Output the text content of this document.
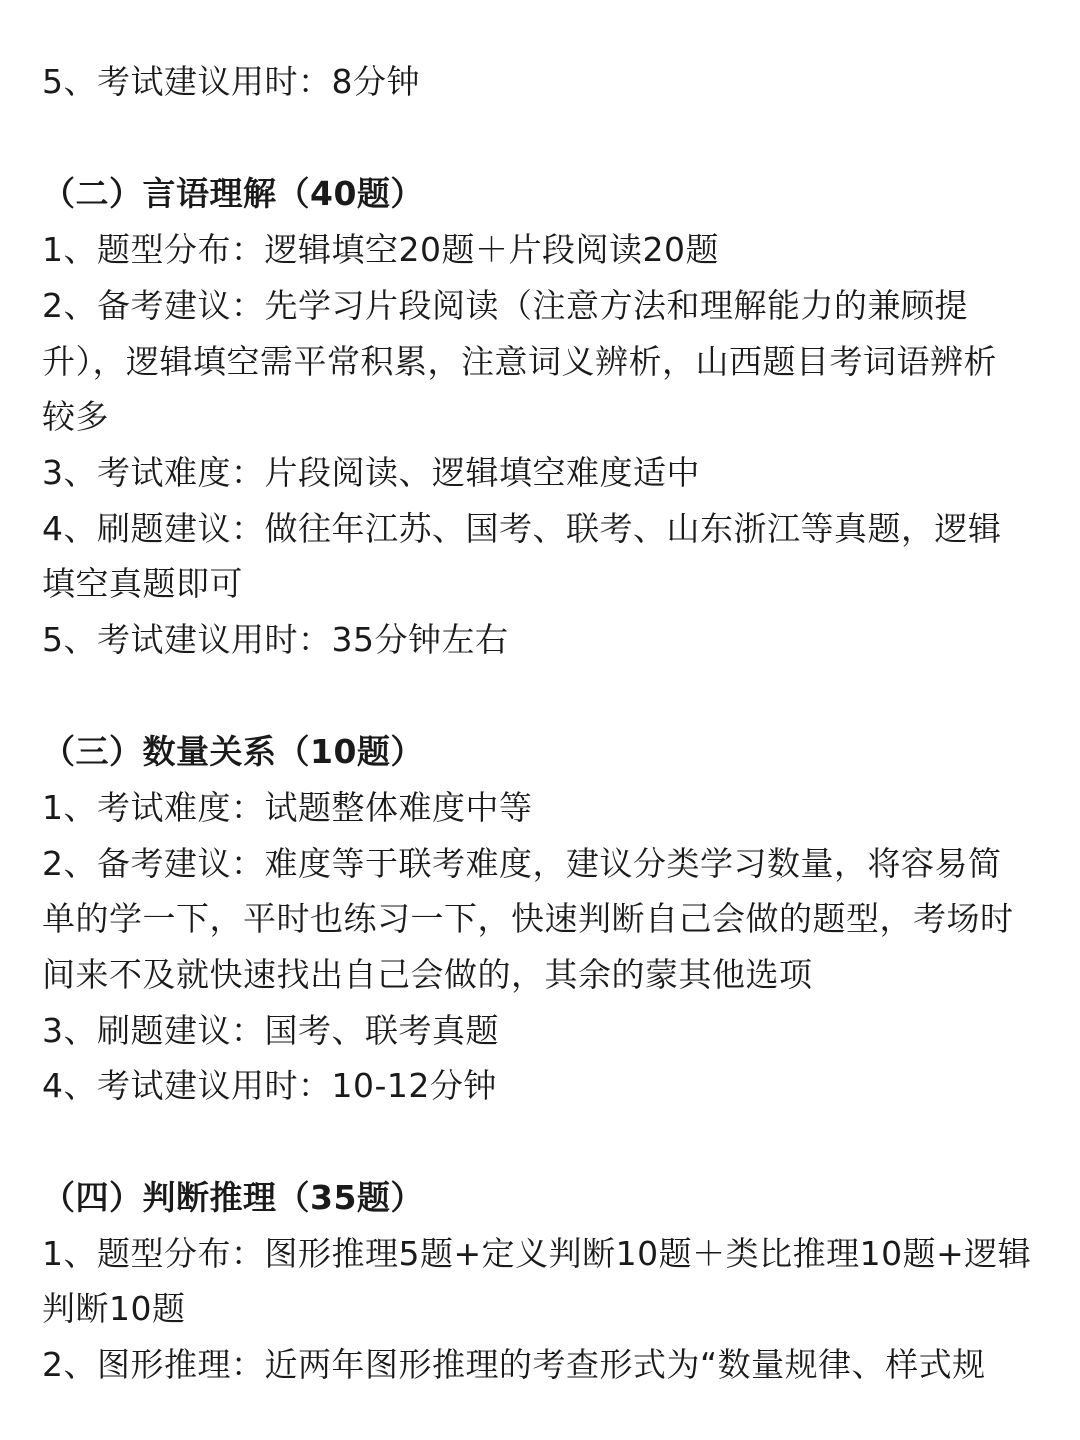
5、考试建议用时：8分钟
（二）言语理解（40题）
1、题型分布：逻辑填空20题＋片段阅读20题
2、备考建议：先学习片段阅读（注意方法和理解能力的兼顾提
升），逻辑填空需平常积累，注意词义辨析，山西题目考词语辨析
较多
3、考试难度：片段阅读、逻辑填空难度适中
4、刷题建议：做往年江苏、国考、联考、山东浙江等真题，逻辑
填空真题即可
5、考试建议用时：35分钟左右
（三）数量关系（10题）
1、考试难度：试题整体难度中等
2、备考建议：难度等于联考难度，建议分类学习数量，将容易简
单的学一下，平时也练习一下，快速判断自己会做的题型，考场时
间来不及就快速找出自己会做的，其余的蒙其他选项
3、刷题建议：国考、联考真题
4、考试建议用时：10-12分钟
（四）判断推理（35题）
1、题型分布：图形推理5题+定义判断10题＋类比推理10题+逻辑
判断10题
2、图形推理：近两年图形推理的考查形式为“数量规律、样式规
